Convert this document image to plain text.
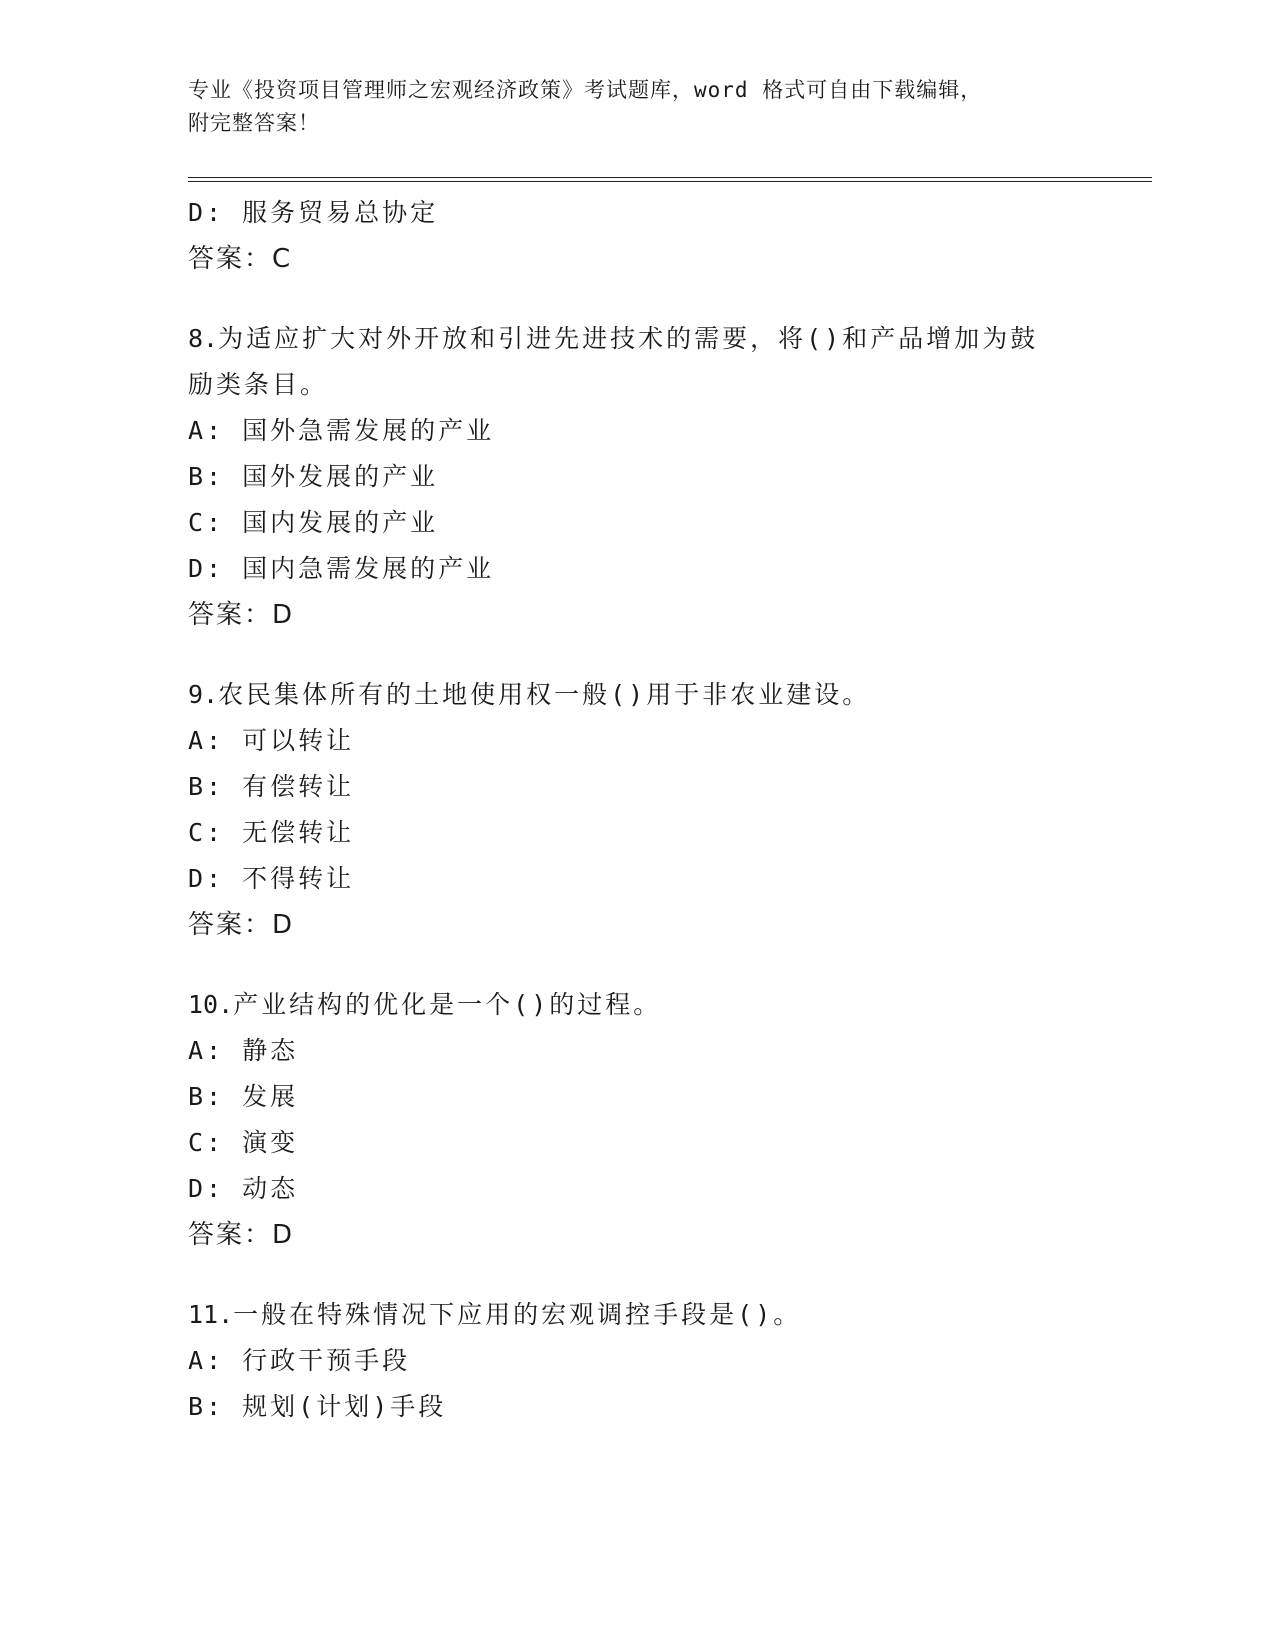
专业《投资项目管理师之宏观经济政策》考试题库，word 格式可自由下载编辑，
附完整答案！
D: 服务贸易总协定
答案：C
8.为适应扩大对外开放和引进先进技术的需要，将()和产品增加为鼓
励类条目。
A: 国外急需发展的产业
B: 国外发展的产业
C: 国内发展的产业
D: 国内急需发展的产业
答案：D
9.农民集体所有的土地使用权一般()用于非农业建设。
A: 可以转让
B: 有偿转让
C: 无偿转让
D: 不得转让
答案：D
10.产业结构的优化是一个()的过程。
A: 静态
B: 发展
C: 演变
D: 动态
答案：D
11.一般在特殊情况下应用的宏观调控手段是()。
A: 行政干预手段
B: 规划(计划)手段
